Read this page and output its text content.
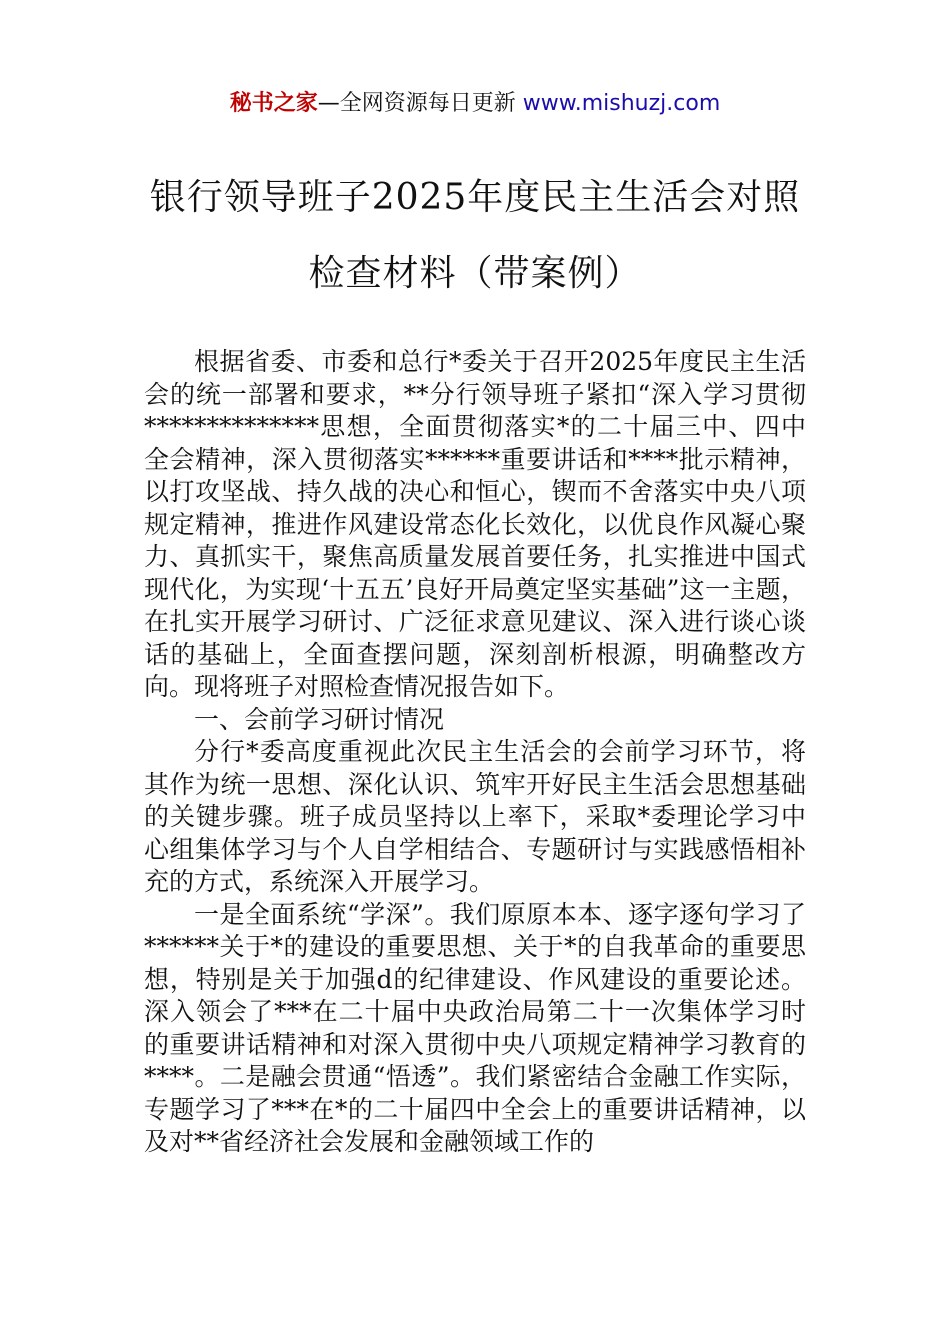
秘书之家—全网资源每日更新 www.mishuzj.com
银行领导班子2025年度民主生活会对照
检查材料（带案例）

根据省委、市委和总行*委关于召开2025年度民主生活会的统一部署和要求，**分行领导班子紧扣“深入学习贯彻**************思想，全面贯彻落实*的二十届三中、四中全会精神，深入贯彻落实******重要讲话和****批示精神，以打攻坚战、持久战的决心和恒心，锲而不舍落实中央八项规定精神，推进作风建设常态化长效化，以优良作风凝心聚力、真抓实干，聚焦高质量发展首要任务，扎实推进中国式现代化，为实现‘十五五’良好开局奠定坚实基础”这一主题，在扎实开展学习研讨、广泛征求意见建议、深入进行谈心谈话的基础上，全面查摆问题，深刻剖析根源，明确整改方向。现将班子对照检查情况报告如下。

一、会前学习研讨情况

分行*委高度重视此次民主生活会的会前学习环节，将其作为统一思想、深化认识、筑牢开好民主生活会思想基础的关键步骤。班子成员坚持以上率下，采取*委理论学习中心组集体学习与个人自学相结合、专题研讨与实践感悟相补充的方式，系统深入开展学习。

一是全面系统“学深”。我们原原本本、逐字逐句学习了******关于*的建设的重要思想、关于*的自我革命的重要思想，特别是关于加强d的纪律建设、作风建设的重要论述。深入领会了***在二十届中央政治局第二十一次集体学习时的重要讲话精神和对深入贯彻中央八项规定精神学习教育的****。二是融会贯通“悟透”。我们紧密结合金融工作实际，专题学习了***在*的二十届四中全会上的重要讲话精神，以及对**省经济社会发展和金融领域工作的
